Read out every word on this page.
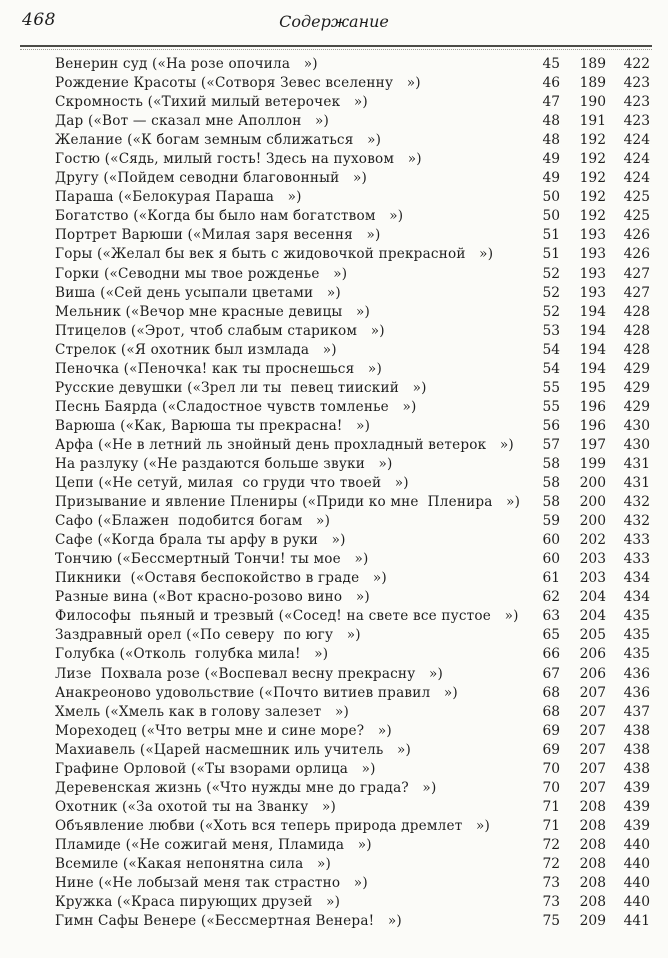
468	Содержание
Венерин суд («На розе опочила   »)	45	189	422
Рождение Красоты («Сотворя Зевес вселенну   »)	46	189	423
Скромность («Тихий милый ветерочек   »)	47	190	423
Дар («Вот — сказал мне Аполлон   »)	48	191	423
Желание («К богам земным сближаться   »)	48	192	424
Гостю («Сядь, милый гость! Здесь на пуховом   »)	49	192	424
Другу («Пойдем севодни благовонный   »)	49	192	424
Параша («Белокурая Параша   »)	50	192	425
Богатство («Когда бы было нам богатством   »)	50	192	425
Портрет Варюши («Милая заря весення   »)	51	193	426
Горы («Желал бы век я быть с жидовочкой прекрасной   »)	51	193	426
Горки («Севодни мы твое рожденье   »)	52	193	427
Виша («Сей день усыпали цветами   »)	52	193	427
Мельник («Вечор мне красные девицы   »)	52	194	428
Птицелов («Эрот, чтоб слабым стариком   »)	53	194	428
Стрелок («Я охотник был измлада   »)	54	194	428
Пеночка («Пеночка! как ты проснешься   »)	54	194	429
Русские девушки («Зрел ли ты  певец тииский   »)	55	195	429
Песнь Баярда («Сладостное чувств томленье   »)	55	196	429
Варюша («Как, Варюша ты прекрасна!   »)	56	196	430
Арфа («Не в летний ль знойный день прохладный ветерок   »)	57	197	430
На разлуку («Не раздаются больше звуки   »)	58	199	431
Цепи («Не сетуй, милая  со груди что твоей   »)	58	200	431
Призывание и явление Плениры («Приди ко мне  Пленира   »)	58	200	432
Сафо («Блажен  подобится богам   »)	59	200	432
Сафе («Когда брала ты арфу в руки   »)	60	202	433
Тончию («Бессмертный Тончи! ты мое   »)	60	203	433
Пикники  («Оставя беспокойство в граде   »)	61	203	434
Разные вина («Вот красно-розово вино   »)	62	204	434
Философы  пьяный и трезвый («Сосед! на свете все пустое   »)	63	204	435
Заздравный орел («По северу  по югу   »)	65	205	435
Голубка («Отколь  голубка мила!   »)	66	206	435
Лизе  Похвала розе («Воспевал весну прекрасну   »)	67	206	436
Анакреоново удовольствие («Почто витиев правил   »)	68	207	436
Хмель («Хмель как в голову залезет   »)	68	207	437
Мореходец («Что ветры мне и сине море?   »)	69	207	438
Махиавель («Царей насмешник иль учитель   »)	69	207	438
Графине Орловой («Ты взорами орлица   »)	70	207	438
Деревенская жизнь («Что нужды мне до града?   »)	70	207	439
Охотник («За охотой ты на Званку   »)	71	208	439
Объявление любви («Хоть вся теперь природа дремлет   »)	71	208	439
Пламиде («Не сожигай меня, Пламида   »)	72	208	440
Всемиле («Какая непонятна сила   »)	72	208	440
Нине («Не лобызай меня так страстно   »)	73	208	440
Кружка («Краса пирующих друзей   »)	73	208	440
Гимн Сафы Венере («Бессмертная Венера!   »)	75	209	441
